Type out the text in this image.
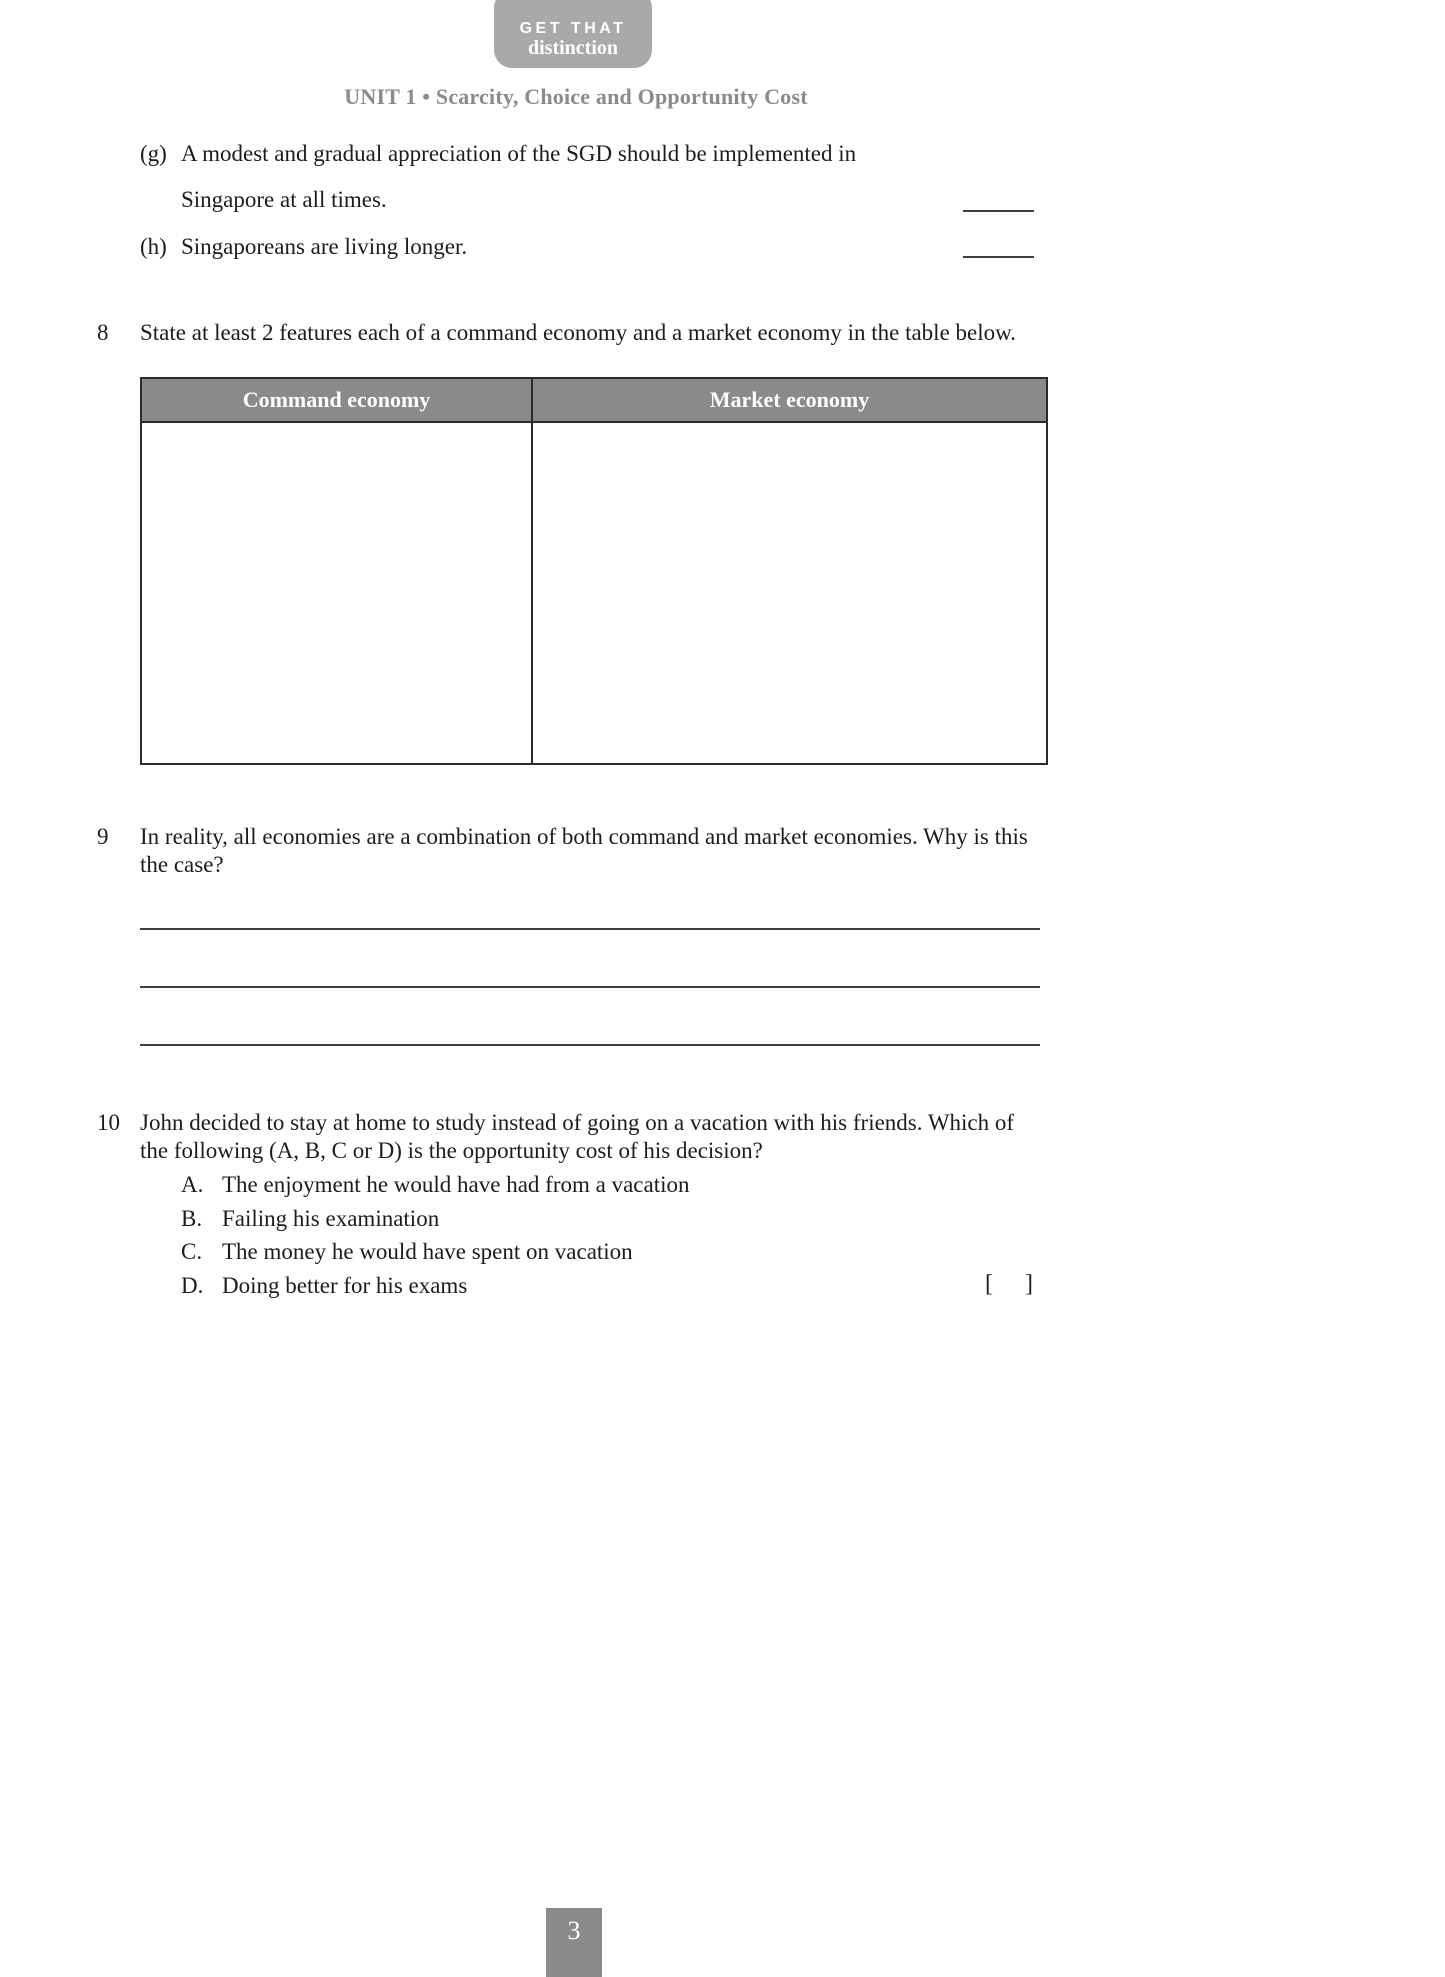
GET THAT
distinction
UNIT 1 • Scarcity, Choice and Opportunity Cost
(g) A modest and gradual appreciation of the SGD should be implemented in
Singapore at all times.
(h) Singaporeans are living longer.
8 State at least 2 features each of a command economy and a market economy in the table below.
Command economy	Market economy
9 In reality, all economies are a combination of both command and market economies. Why is this
the case?
10 John decided to stay at home to study instead of going on a vacation with his friends. Which of
the following (A, B, C or D) is the opportunity cost of his decision?
A. The enjoyment he would have had from a vacation
B. Failing his examination
C. The money he would have spent on vacation
D. Doing better for his exams	[ ]
3
